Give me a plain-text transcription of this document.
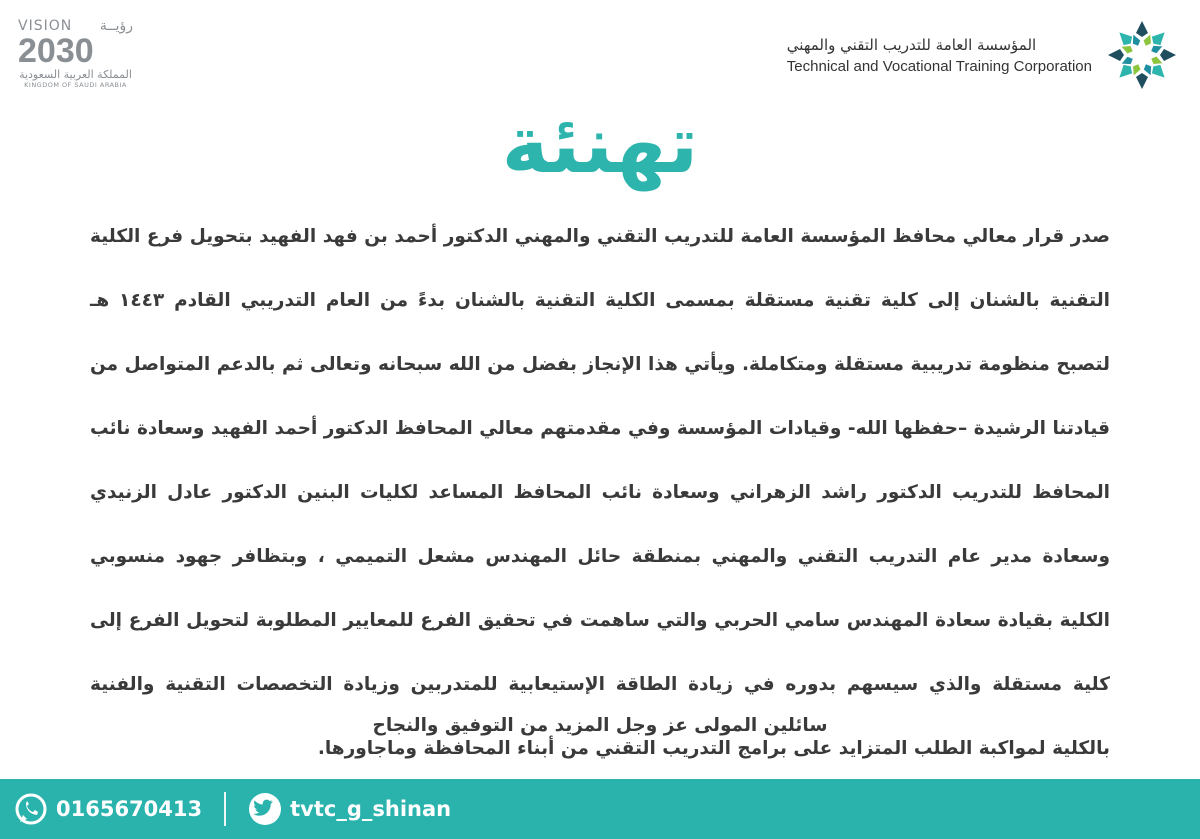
VISION رؤيــة
2030
المملكة العربية السعودية
KINGDOM OF SAUDI ARABIA
المؤسسة العامة للتدريب التقني والمهني
Technical and Vocational Training Corporation
تهنئة
صدر قرار معالي محافظ المؤسسة العامة للتدريب التقني والمهني الدكتور أحمد بن فهد الفهيد بتحويل فرع الكلية التقنية بالشنان إلى كلية تقنية مستقلة بمسمى الكلية التقنية بالشنان بدءً من العام التدريبي القادم ١٤٤٣ هـ لتصبح منظومة تدريبية مستقلة ومتكاملة. ويأتي هذا الإنجاز بفضل من الله سبحانه وتعالى ثم بالدعم المتواصل من قيادتنا الرشيدة –حفظها الله- وقيادات المؤسسة وفي مقدمتهم معالي المحافظ الدكتور أحمد الفهيد وسعادة نائب المحافظ للتدريب الدكتور راشد الزهراني وسعادة نائب المحافظ المساعد لكليات البنين الدكتور عادل الزنيدي وسعادة مدير عام التدريب التقني والمهني بمنطقة حائل المهندس مشعل التميمي ، وبتظافر جهود منسوبي الكلية بقيادة سعادة المهندس سامي الحربي والتي ساهمت في تحقيق الفرع للمعايير المطلوبة لتحويل الفرع إلى كلية مستقلة والذي سيسهم بدوره في زيادة الطاقة الإستيعابية للمتدربين وزيادة التخصصات التقنية والفنية بالكلية لمواكبة الطلب المتزايد على برامج التدريب التقني من أبناء المحافظة وماجاورها.
سائلين المولى عز وجل المزيد من التوفيق والنجاح
0165670413	tvtc_g_shinan
